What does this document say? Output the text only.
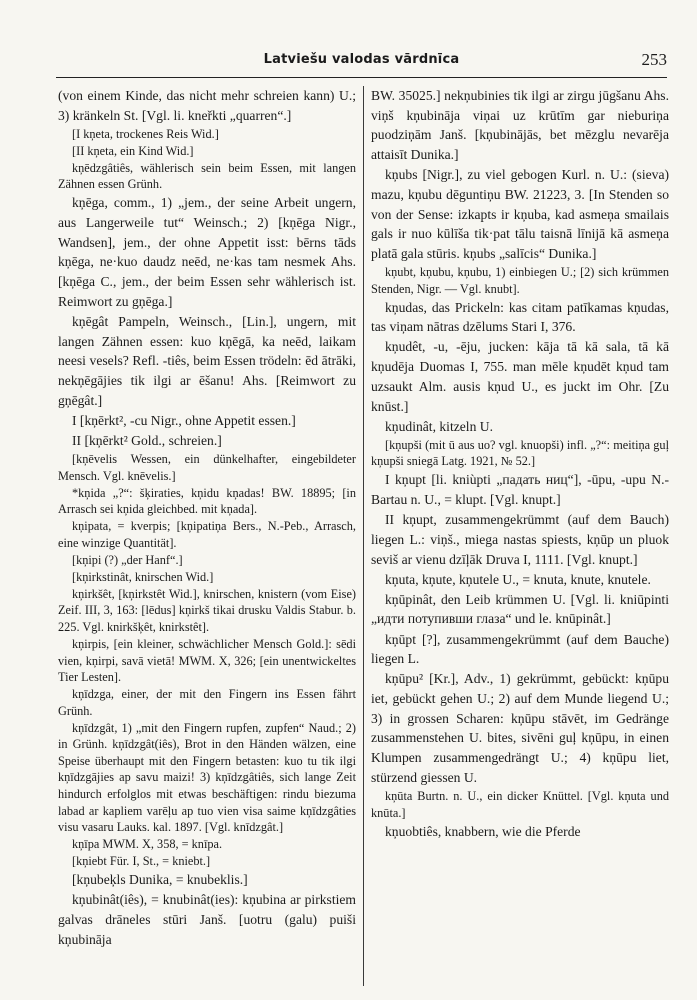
Latviešu valodas vārdnīca	253

(von einem Kinde, das nicht mehr schreien kann) U.; 3) kränkeln St. [Vgl. li. kneřkti „quarren“.]

[I kņeta, trockenes Reis Wid.]

[II kņeta, ein Kind Wid.]

kņēdzgâtiês, wählerisch sein beim Essen, mit langen Zähnen essen Grünh.

kņēga, comm., 1) „jem., der seine Arbeit ungern, aus Langerweile tut“ Weinsch.; 2) [kņēga Nigr., Wandsen], jem., der ohne Appetit isst: bērns tāds kņēga, ne·kuo daudz neēd, ne·kas tam nesmek Ahs. [kņēga C., jem., der beim Essen sehr wählerisch ist. Reimwort zu gņēga.]

kņēgât Pampeln, Weinsch., [Lin.], ungern, mit langen Zähnen essen: kuo kņēgā, ka neēd, laikam neesi vesels? Refl. -tiês, beim Essen trödeln: ēd ātrāki, nekņēgājies tik ilgi ar ēšanu! Ahs. [Reimwort zu gņēgât.]

I [kņērkt², -cu Nigr., ohne Appetit essen.]

II [kņērkt² Gold., schreien.]

[kņēvelis Wessen, ein dünkelhafter, eingebildeter Mensch. Vgl. knēvelis.]

*kņida „?“: šķiraties, kņidu kņadas! BW. 18895; [in Arrasch sei kņida gleichbed. mit kņada].

kņipata, = kverpis; [kņipatiņa Bers., N.-Peb., Arrasch, eine winzige Quantität].

[kņipi (?) „der Hanf“.]

[kņirkstinât, knirschen Wid.]

kņirkšêt, [kņirkstêt Wid.], knirschen, knistern (vom Eise) Zeif. III, 3, 163: [lēdus] kņirkš tikai drusku Valdis Stabur. b. 225. Vgl. knirkšķêt, knirkstêt].

kņirpis, [ein kleiner, schwächlicher Mensch Gold.]: sēdi vien, kņirpi, savā vietā! MWM. X, 326; [ein unentwickeltes Tier Lesten].

kņīdzga, einer, der mit den Fingern ins Essen fährt Grünh.

kņīdzgât, 1) „mit den Fingern rupfen, zupfen“ Naud.; 2) in Grünh. kņīdzgât(iês), Brot in den Händen wälzen, eine Speise überhaupt mit den Fingern betasten: kuo tu tik ilgi kņīdzgājies ap savu maizi! 3) kņīdzgâtiês, sich lange Zeit hindurch erfolglos mit etwas beschäftigen: rindu biezuma labad ar kapliem varēļu ap tuo vien visa saime kņīdzgâties visu vasaru Lauks. kal. 1897. [Vgl. knīdzgât.]

kņīpa MWM. X, 358, = knīpa.

[kņiebt Für. I, St., = kniebt.]

[kņubeķls Dunika, = knubeklis.]

kņubinât(iês), = knubinât(ies): kņubina ar pirkstiem galvas drāneles stūri Janš. [uotru (galu) puiši kņubināja

BW. 35025.] nekņubinies tik ilgi ar zirgu jūgšanu Ahs. viņš kņubināja viņai uz krūtīm gar nieburiņa puodziņām Janš. [kņubinājās, bet mēzglu nevarēja attaisīt Dunika.]

kņubs [Nigr.], zu viel gebogen Kurl. n. U.: (sieva) mazu, kņubu dēguntiņu BW. 21223, 3. [In Stenden so von der Sense: izkapts ir kņuba, kad asmeņa smailais gals ir nuo kūlīša tik·pat tālu taisnā līnijā kā asmeņa platā gala stūris. kņubs „salīcis“ Dunika.]

kņubt, kņubu, kņubu, 1) einbiegen U.; [2) sich krümmen Stenden, Nigr. — Vgl. knubt].

kņudas, das Prickeln: kas citam patīkamas kņudas, tas viņam nātras dzēlums Stari I, 376.

kņudêt, -u, -ēju, jucken: kāja tā kā sala, tā kā kņudēja Duomas I, 755. man mēle kņudēt kņud tam uzsaukt Alm. ausis kņud U., es juckt im Ohr. [Zu knūst.]

kņudinât, kitzeln U.

[kņupši (mit ū aus uo? vgl. knuopši) infl. „?“: meitiņa guļ kņupši sniegā Latg. 1921, № 52.]

I kņupt [li. kniùpti „падать ниц“], -ūpu, -upu N.-Bartau n. U., = klupt. [Vgl. knupt.]

II kņupt, zusammengekrümmt (auf dem Bauch) liegen L.: viņš., miega nastas spiests, kņūp un pluok seviš ar vienu dzīļāk Druva I, 1111. [Vgl. knupt.]

kņuta, kņute, kņutele U., = knuta, knute, knutele.

kņūpinât, den Leib krümmen U. [Vgl. li. kniūpinti „идти потупивши глаза“ und le. knūpinât.]

kņūpt [?], zusammengekrümmt (auf dem Bauche) liegen L.

kņūpu² [Kr.], Adv., 1) gekrümmt, gebückt: kņūpu iet, gebückt gehen U.; 2) auf dem Munde liegend U.; 3) in grossen Scharen: kņūpu stāvēt, im Gedränge zusammenstehen U. bites, sivēni guļ kņūpu, in einen Klumpen zusammengedrängt U.; 4) kņūpu liet, stürzend giessen U.

kņūta Burtn. n. U., ein dicker Knüttel. [Vgl. kņuta und knūta.]

kņuobtiês, knabbern, wie die Pferde
